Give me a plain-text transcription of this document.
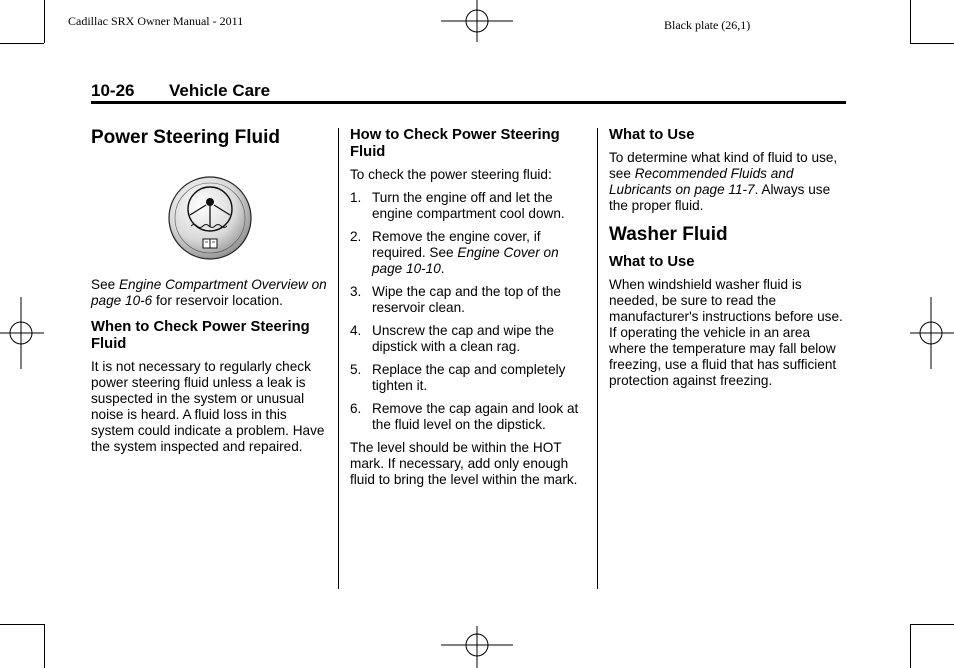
Cadillac SRX Owner Manual - 2011	Black plate (26,1)
10-26 Vehicle Care
Power Steering Fluid

See Engine Compartment Overview on page 10-6 for reservoir location.

When to Check Power Steering Fluid

It is not necessary to regularly check power steering fluid unless a leak is suspected in the system or unusual noise is heard. A fluid loss in this system could indicate a problem. Have the system inspected and repaired.

How to Check Power Steering Fluid

To check the power steering fluid:

1. Turn the engine off and let the engine compartment cool down.
2. Remove the engine cover, if required. See Engine Cover on page 10-10.
3. Wipe the cap and the top of the reservoir clean.
4. Unscrew the cap and wipe the dipstick with a clean rag.
5. Replace the cap and completely tighten it.
6. Remove the cap again and look at the fluid level on the dipstick.

The level should be within the HOT mark. If necessary, add only enough fluid to bring the level within the mark.

What to Use

To determine what kind of fluid to use, see Recommended Fluids and Lubricants on page 11-7. Always use the proper fluid.

Washer Fluid
What to Use

When windshield washer fluid is needed, be sure to read the manufacturer's instructions before use. If operating the vehicle in an area where the temperature may fall below freezing, use a fluid that has sufficient protection against freezing.
